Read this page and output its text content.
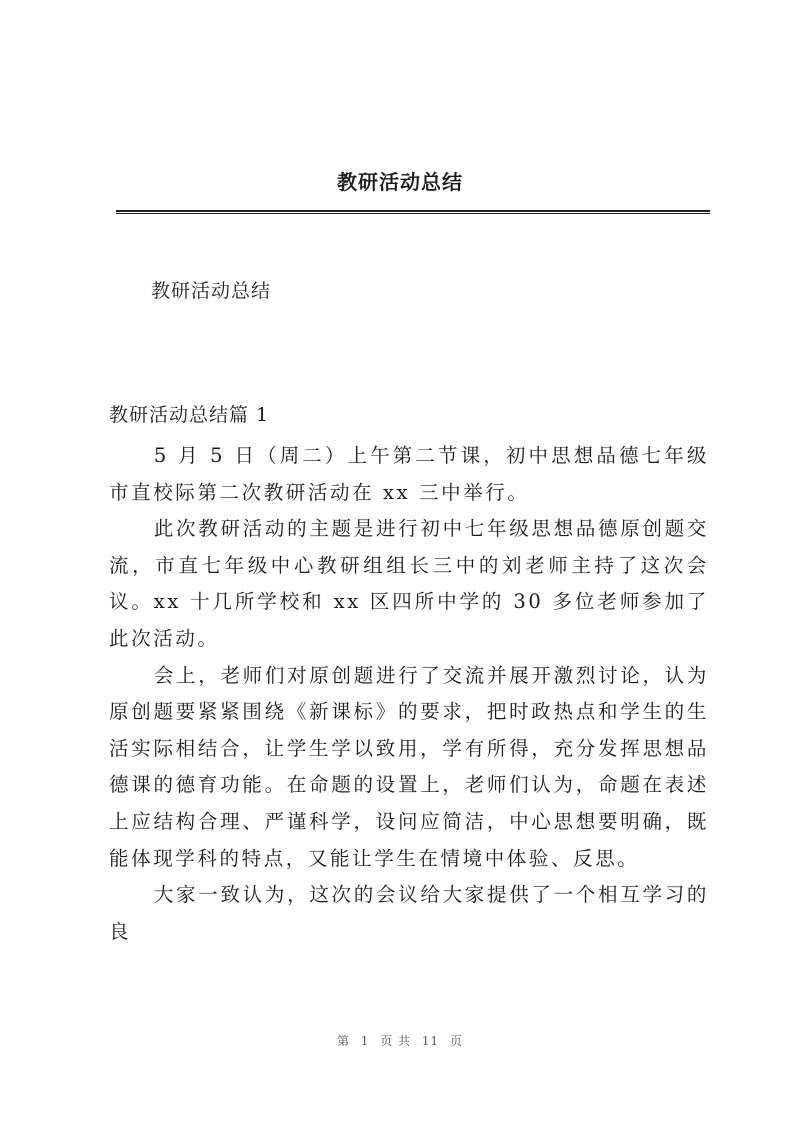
教研活动总结
教研活动总结
教研活动总结篇 1

5 月 5 日（周二）上午第二节课，初中思想品德七年级市直校际第二次教研活动在 xx 三中举行。

此次教研活动的主题是进行初中七年级思想品德原创题交流，市直七年级中心教研组组长三中的刘老师主持了这次会议。xx 十几所学校和 xx 区四所中学的 30 多位老师参加了此次活动。

会上，老师们对原创题进行了交流并展开激烈讨论，认为原创题要紧紧围绕《新课标》的要求，把时政热点和学生的生活实际相结合，让学生学以致用，学有所得，充分发挥思想品德课的德育功能。在命题的设置上，老师们认为，命题在表述上应结构合理、严谨科学，设问应简洁，中心思想要明确，既能体现学科的特点，又能让学生在情境中体验、反思。

大家一致认为，这次的会议给大家提供了一个相互学习的良

第 1 页 共 11 页
